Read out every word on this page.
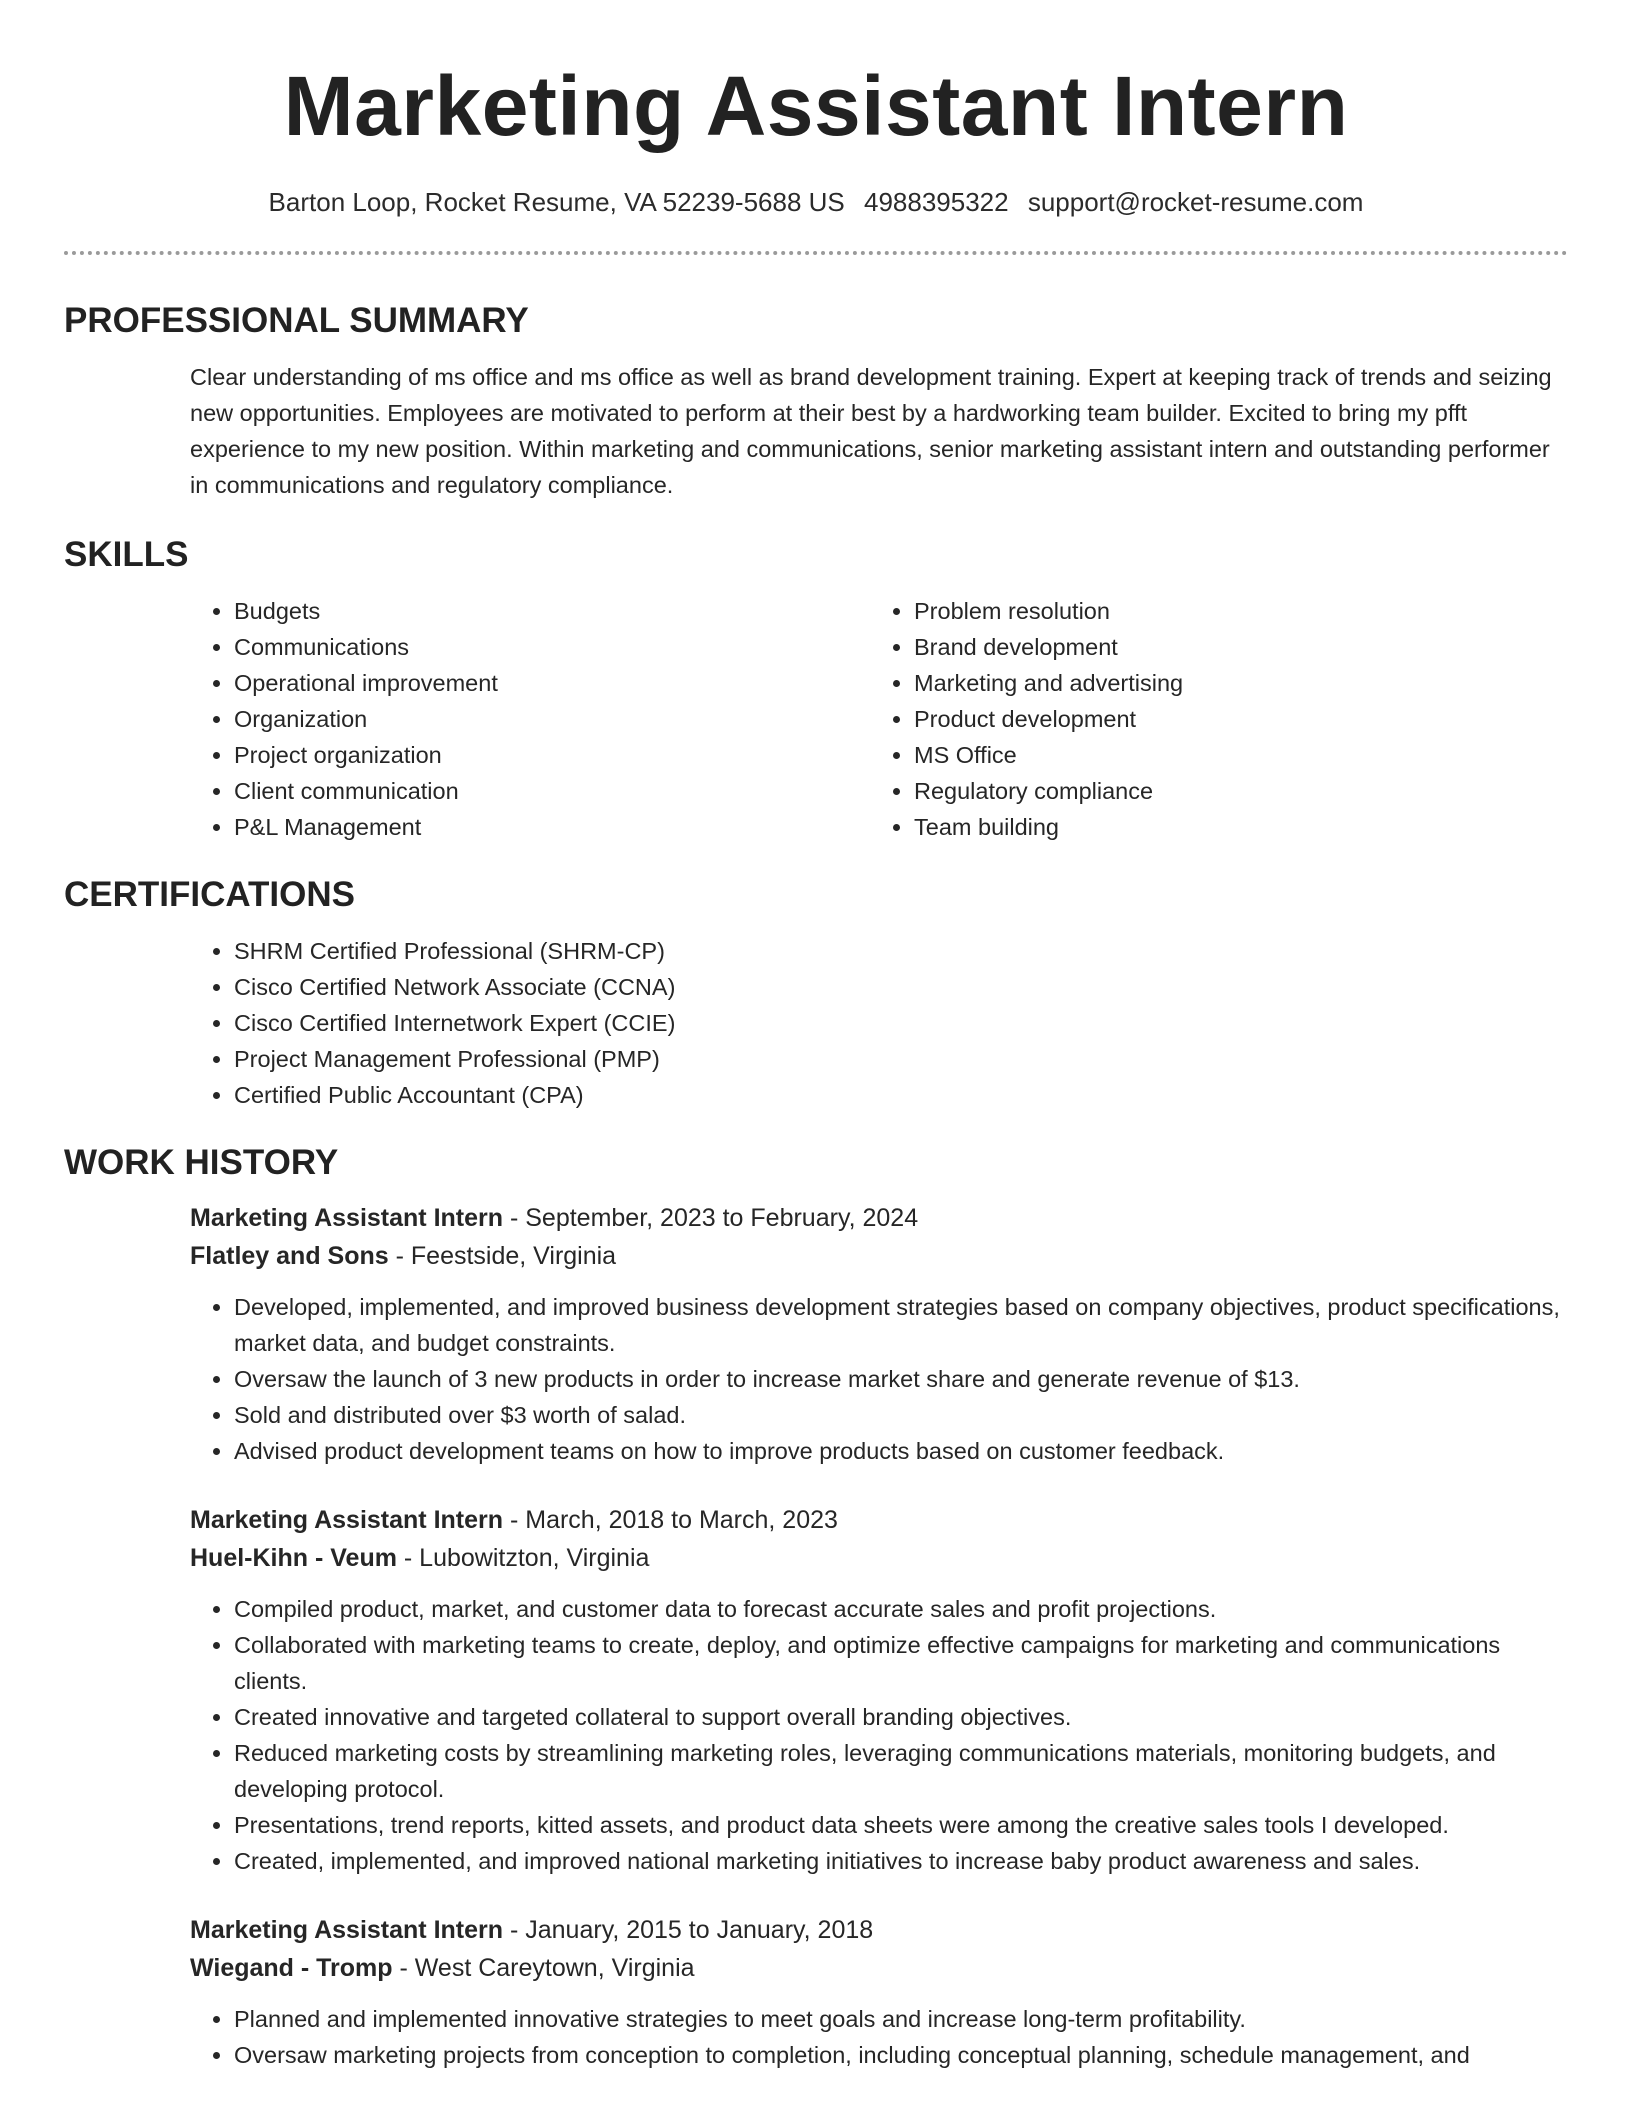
Marketing Assistant Intern
Barton Loop, Rocket Resume, VA 52239-5688 US 4988395322 support@rocket-resume.com
PROFESSIONAL SUMMARY

Clear understanding of ms office and ms office as well as brand development training. Expert at keeping track of trends and seizing new opportunities. Employees are motivated to perform at their best by a hardworking team builder. Excited to bring my pfft experience to my new position. Within marketing and communications, senior marketing assistant intern and outstanding performer in communications and regulatory compliance.

SKILLS
• Budgets
• Communications
• Operational improvement
• Organization
• Project organization
• Client communication
• P&L Management
• Problem resolution
• Brand development
• Marketing and advertising
• Product development
• MS Office
• Regulatory compliance
• Team building
CERTIFICATIONS
• SHRM Certified Professional (SHRM-CP)
• Cisco Certified Network Associate (CCNA)
• Cisco Certified Internetwork Expert (CCIE)
• Project Management Professional (PMP)
• Certified Public Accountant (CPA)
WORK HISTORY
Marketing Assistant Intern - September, 2023 to February, 2024
Flatley and Sons - Feestside, Virginia
• Developed, implemented, and improved business development strategies based on company objectives, product specifications, market data, and budget constraints.
• Oversaw the launch of 3 new products in order to increase market share and generate revenue of $13.
• Sold and distributed over $3 worth of salad.
• Advised product development teams on how to improve products based on customer feedback.
Marketing Assistant Intern - March, 2018 to March, 2023
Huel-Kihn - Veum - Lubowitzton, Virginia
• Compiled product, market, and customer data to forecast accurate sales and profit projections.
• Collaborated with marketing teams to create, deploy, and optimize effective campaigns for marketing and communications clients.
• Created innovative and targeted collateral to support overall branding objectives.
• Reduced marketing costs by streamlining marketing roles, leveraging communications materials, monitoring budgets, and developing protocol.
• Presentations, trend reports, kitted assets, and product data sheets were among the creative sales tools I developed.
• Created, implemented, and improved national marketing initiatives to increase baby product awareness and sales.
Marketing Assistant Intern - January, 2015 to January, 2018
Wiegand - Tromp - West Careytown, Virginia
• Planned and implemented innovative strategies to meet goals and increase long-term profitability.
• Oversaw marketing projects from conception to completion, including conceptual planning, schedule management, and
